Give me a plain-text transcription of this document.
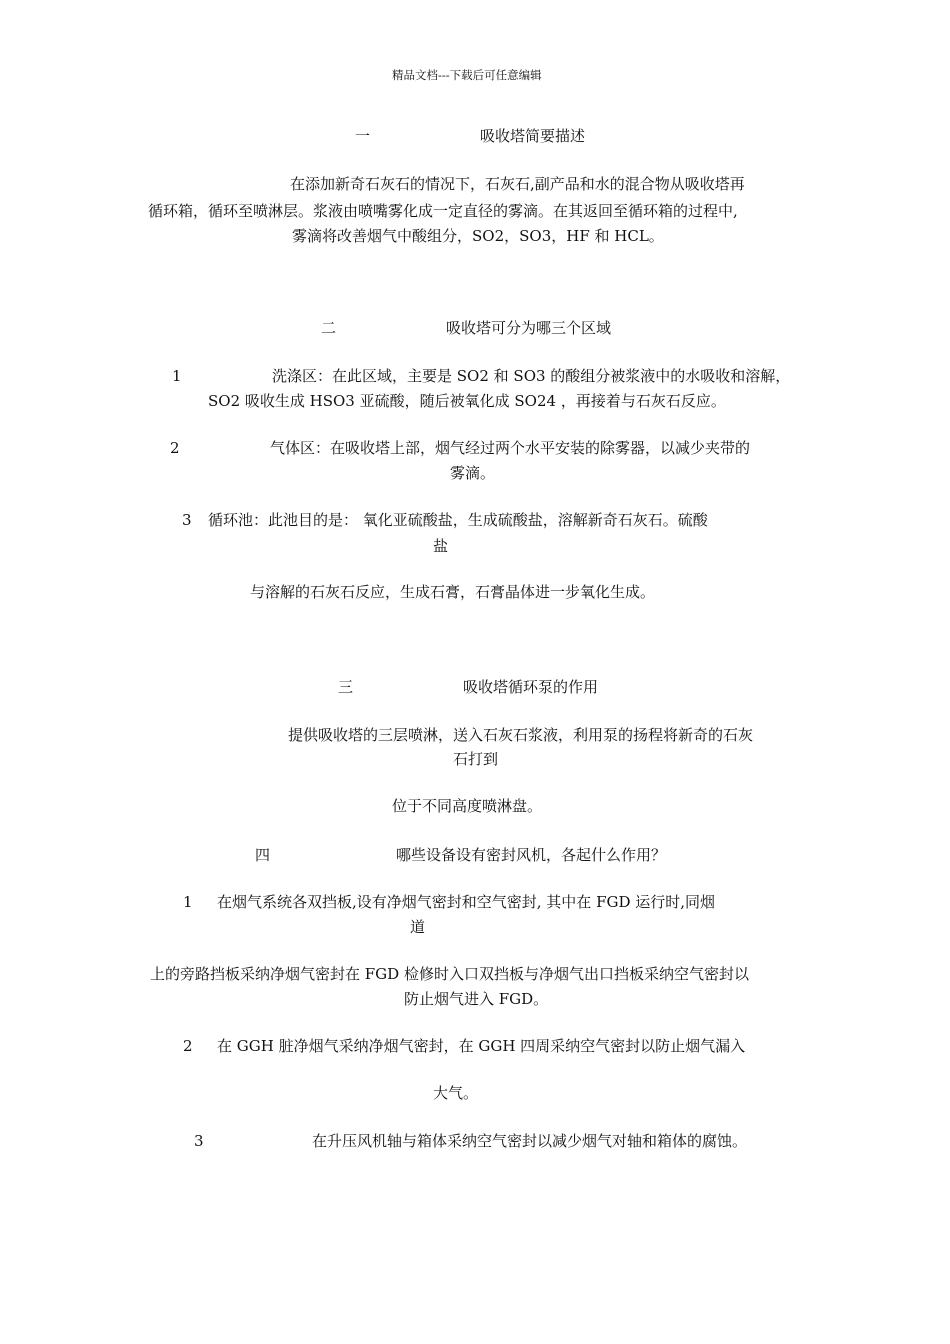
精品文档---下载后可任意编辑
一	吸收塔简要描述
在添加新奇石灰石的情况下，石灰石,副产品和水的混合物从吸收塔再
循环箱，循环至喷淋层。浆液由喷嘴雾化成一定直径的雾滴。在其返回至循环箱的过程中,
雾滴将改善烟气中酸组分，SO2，SO3，HF 和 HCL。
二	吸收塔可分为哪三个区域
1	洗涤区：在此区域，主要是 SO2 和 SO3 的酸组分被浆液中的水吸收和溶解，
SO2 吸收生成 HSO3 亚硫酸，随后被氧化成 SO24 ，再接着与石灰石反应。
2	气体区：在吸收塔上部，烟气经过两个水平安装的除雾器，以减少夹带的
雾滴。
3 循环池：此池目的是： 氧化亚硫酸盐，生成硫酸盐，溶解新奇石灰石。硫酸
盐
与溶解的石灰石反应，生成石膏，石膏晶体进一步氧化生成。
三	吸收塔循环泵的作用
提供吸收塔的三层喷淋，送入石灰石浆液，利用泵的扬程将新奇的石灰
石打到
位于不同高度喷淋盘。
四	哪些设备设有密封风机，各起什么作用？
1 在烟气系统各双挡板,设有净烟气密封和空气密封, 其中在 FGD 运行时,同烟
道
上的旁路挡板采纳净烟气密封在 FGD 检修时入口双挡板与净烟气出口挡板采纳空气密封以
防止烟气进入 FGD。
2 在 GGH 脏净烟气采纳净烟气密封，在 GGH 四周采纳空气密封以防止烟气漏入
大气。
3	在升压风机轴与箱体采纳空气密封以减少烟气对轴和箱体的腐蚀。
